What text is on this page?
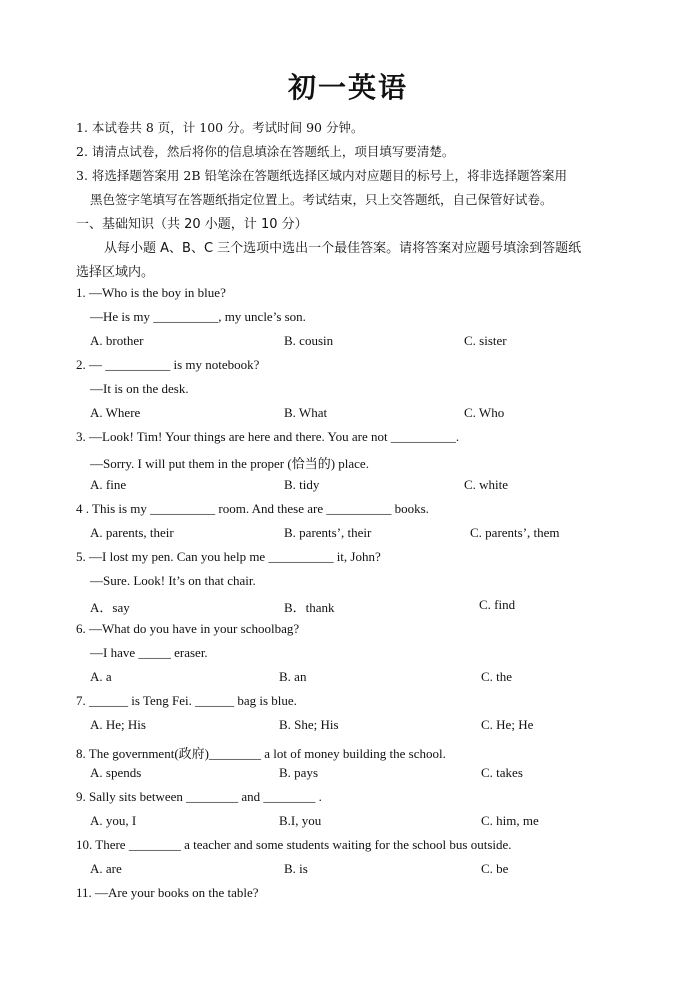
初一英语
1. 本试卷共 8 页，计 100 分。考试时间 90 分钟。
2. 请清点试卷，然后将你的信息填涂在答题纸上，项目填写要清楚。
3. 将选择题答案用 2B 铅笔涂在答题纸选择区域内对应题目的标号上，将非选择题答案用
黑色签字笔填写在答题纸指定位置上。考试结束，只上交答题纸，自己保管好试卷。
一、基础知识（共 20 小题，计 10 分）
从每小题 A、B、C 三个选项中选出一个最佳答案。请将答案对应题号填涂到答题纸
选择区域内。
1. —Who is the boy in blue?
—He is my __________, my uncle’s son.
A. brother	B. cousin	C. sister
2. — __________ is my notebook?
—It is on the desk.
A. Where	B. What	C. Who
3. —Look! Tim! Your things are here and there. You are not __________.
—Sorry. I will put them in the proper (恰当的) place.
A. fine	B. tidy	C. white
4 . This is my __________ room. And these are __________ books.
A. parents, their	B. parents’, their	C. parents’, them
5. —I lost my pen. Can you help me __________ it, John?
—Sure. Look! It’s on that chair.
A．say	B．thank	C. find
6. —What do you have in your schoolbag?
—I have _____ eraser.
A. a	B. an	C. the
7. ______ is Teng Fei. ______ bag is blue.
A. He; His	B. She; His	C. He; He
8. The government(政府)________ a lot of money building the school.
A. spends	B. pays	C. takes
9. Sally sits between ________ and ________ .
A. you, I	B.I, you	C. him, me
10. There ________ a teacher and some students waiting for the school bus outside.
A. are	B. is	C. be
11. —Are your books on the table?
